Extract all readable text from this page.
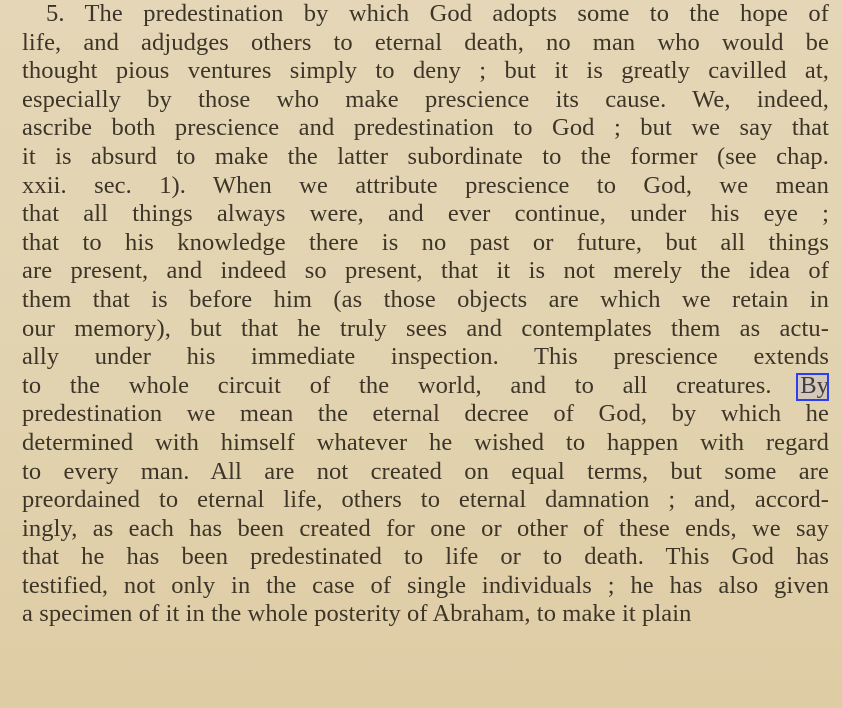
5. The predestination by which God adopts some to the hope of
life, and adjudges others to eternal death, no man who would be
thought pious ventures simply to deny ; but it is greatly cavilled at,
especially by those who make prescience its cause. We, indeed,
ascribe both prescience and predestination to God ; but we say that
it is absurd to make the latter subordinate to the former (see chap.
xxii. sec. 1). When we attribute prescience to God, we mean
that all things always were, and ever continue, under his eye ;
that to his knowledge there is no past or future, but all things
are present, and indeed so present, that it is not merely the idea of
them that is before him (as those objects are which we retain in
our memory), but that he truly sees and contemplates them as actu-
ally under his immediate inspection. This prescience extends
to the whole circuit of the world, and to all creatures. By
predestination we mean the eternal decree of God, by which he
determined with himself whatever he wished to happen with regard
to every man. All are not created on equal terms, but some are
preordained to eternal life, others to eternal damnation ; and, accord-
ingly, as each has been created for one or other of these ends, we say
that he has been predestinated to life or to death. This God has
testified, not only in the case of single individuals ; he has also given
a specimen of it in the whole posterity of Abraham, to make it plain
